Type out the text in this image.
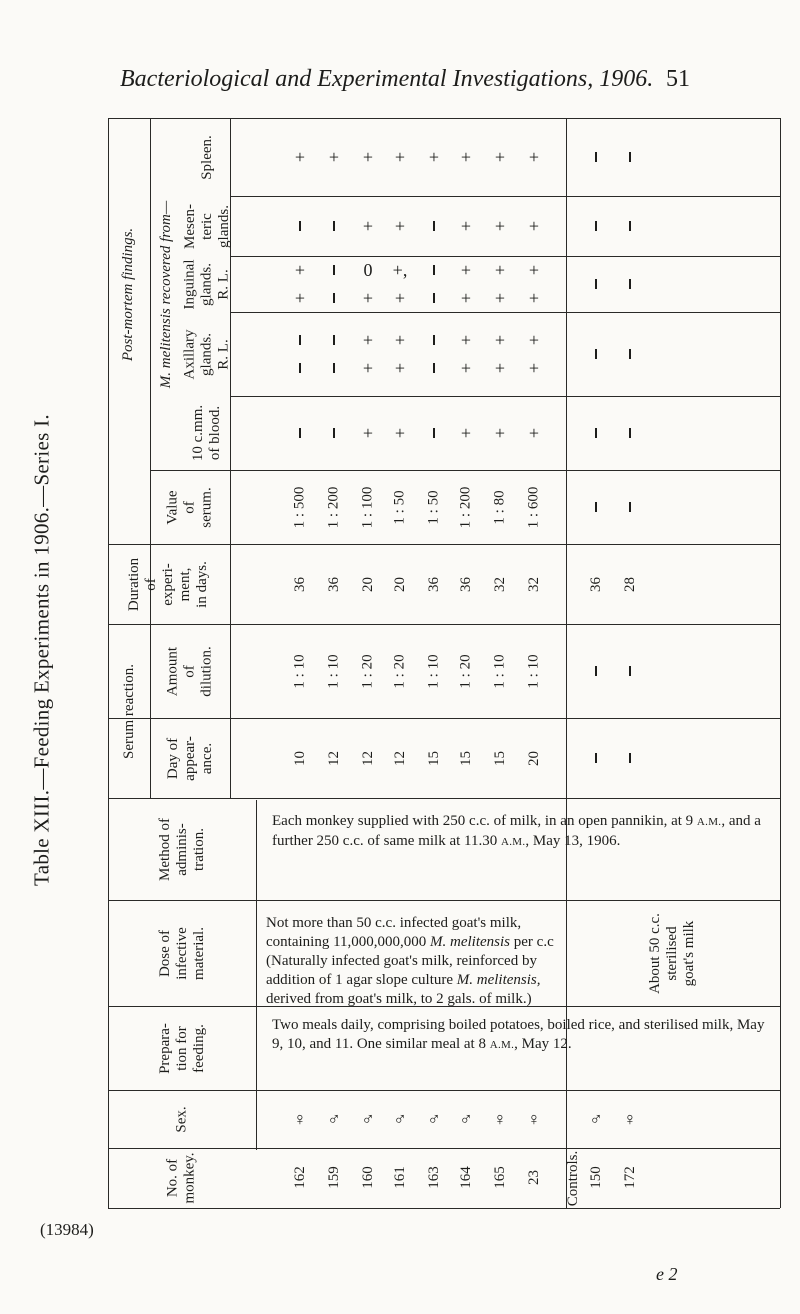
Table XIII.—Feeding Experiments in 1906.—Series I.
Bacteriological and Experimental Investigations, 1906. 51
Post-mortem findings. M. melitensis recovered from—
Spleen.
Mesen-
teric
glands.
Inguinal
glands.
R. L.
Axillary
glands.
R. L.
10 c.mm.
of blood.
Value
of
serum.
Duration
of
experi-
ment,
in days.
Serum reaction. Amount
of
dilution.
Day of
appear-
ance.
Method of
adminis-
tration.
Dose of
infective
material.
Prepara-
tion for
feeding.
Sex.
No. of
monkey.
+
+
+
1 : 500
36
1 : 10
10
♀
162
+
1 : 200
36
1 : 10
12
♂
159
+
+
0
+
+
+
+
1 : 100
20
1 : 20
12
♂
160
+
+
+,
+
+
+
+
1 : 50
20
1 : 20
12
♂
161
+
1 : 50
36
1 : 10
15
♂
163
+
+
+
+
+
+
+
1 : 200
36
1 : 20
15
♂
164
+
+
+
+
+
+
+
1 : 80
32
1 : 10
15
♀
165
+
+
+
+
+
+
+
1 : 600
32
1 : 10
20
♀
23
36
♂
150
28
♀
172
Controls.
Each monkey supplied with 250 c.c. of milk, in an open pannikin, at 9 A.M., and a further 250 c.c. of same milk at 11.30 A.M., May 13, 1906.
Not more than 50 c.c. infected goat's milk, containing 11,000,000,000 M. melitensis per c.c (Naturally infected goat's milk, reinforced by addition of 1 agar slope culture M. melitensis, derived from goat's milk, to 2 gals. of milk.)
About 50 c.c.
sterilised
goat's milk
Two meals daily, comprising boiled potatoes, boiled rice, and sterilised milk, May 9, 10, and 11. One similar meal at 8 A.M., May 12.
(13984)
e 2
